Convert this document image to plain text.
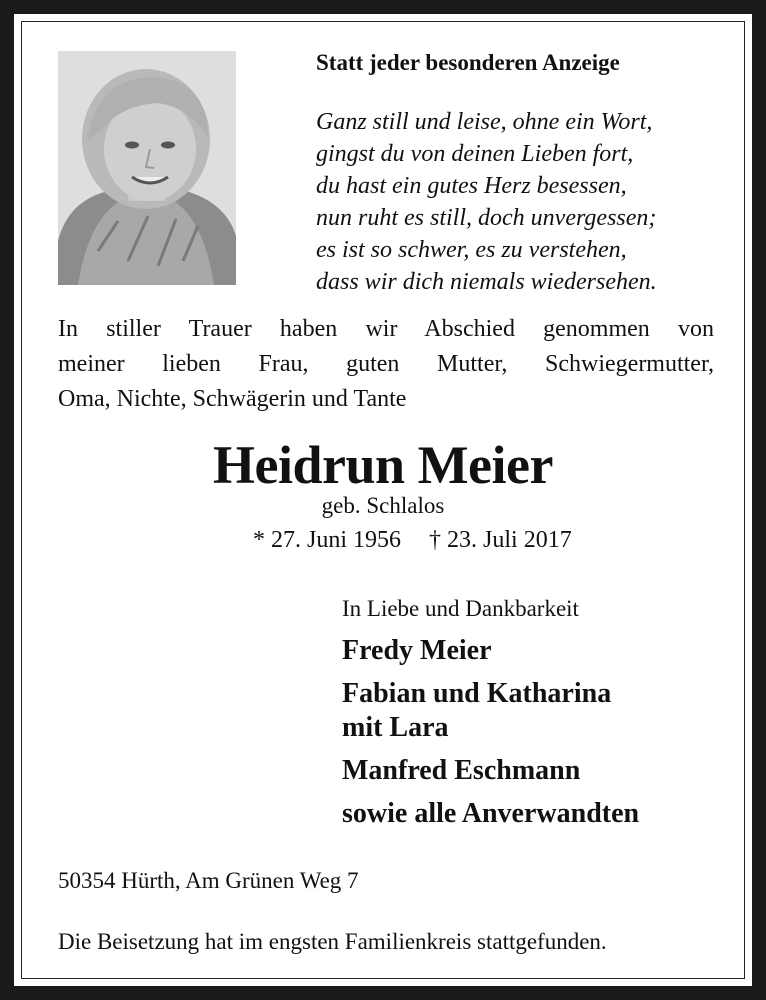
Statt jeder besonderen Anzeige
Ganz still und leise, ohne ein Wort,
gingst du von deinen Lieben fort,
du hast ein gutes Herz besessen,
nun ruht es still, doch unvergessen;
es ist so schwer, es zu verstehen,
dass wir dich niemals wiedersehen.
In stiller Trauer haben wir Abschied genommen von
meiner lieben Frau, guten Mutter, Schwiegermutter,
Oma, Nichte, Schwägerin und Tante
Heidrun Meier
geb. Schlalos
* 27. Juni 1956 † 23. Juli 2017
In Liebe und Dankbarkeit
Fredy Meier
Fabian und Katharina
mit Lara
Manfred Eschmann
sowie alle Anverwandten
50354 Hürth, Am Grünen Weg 7
Die Beisetzung hat im engsten Familienkreis stattgefunden.
